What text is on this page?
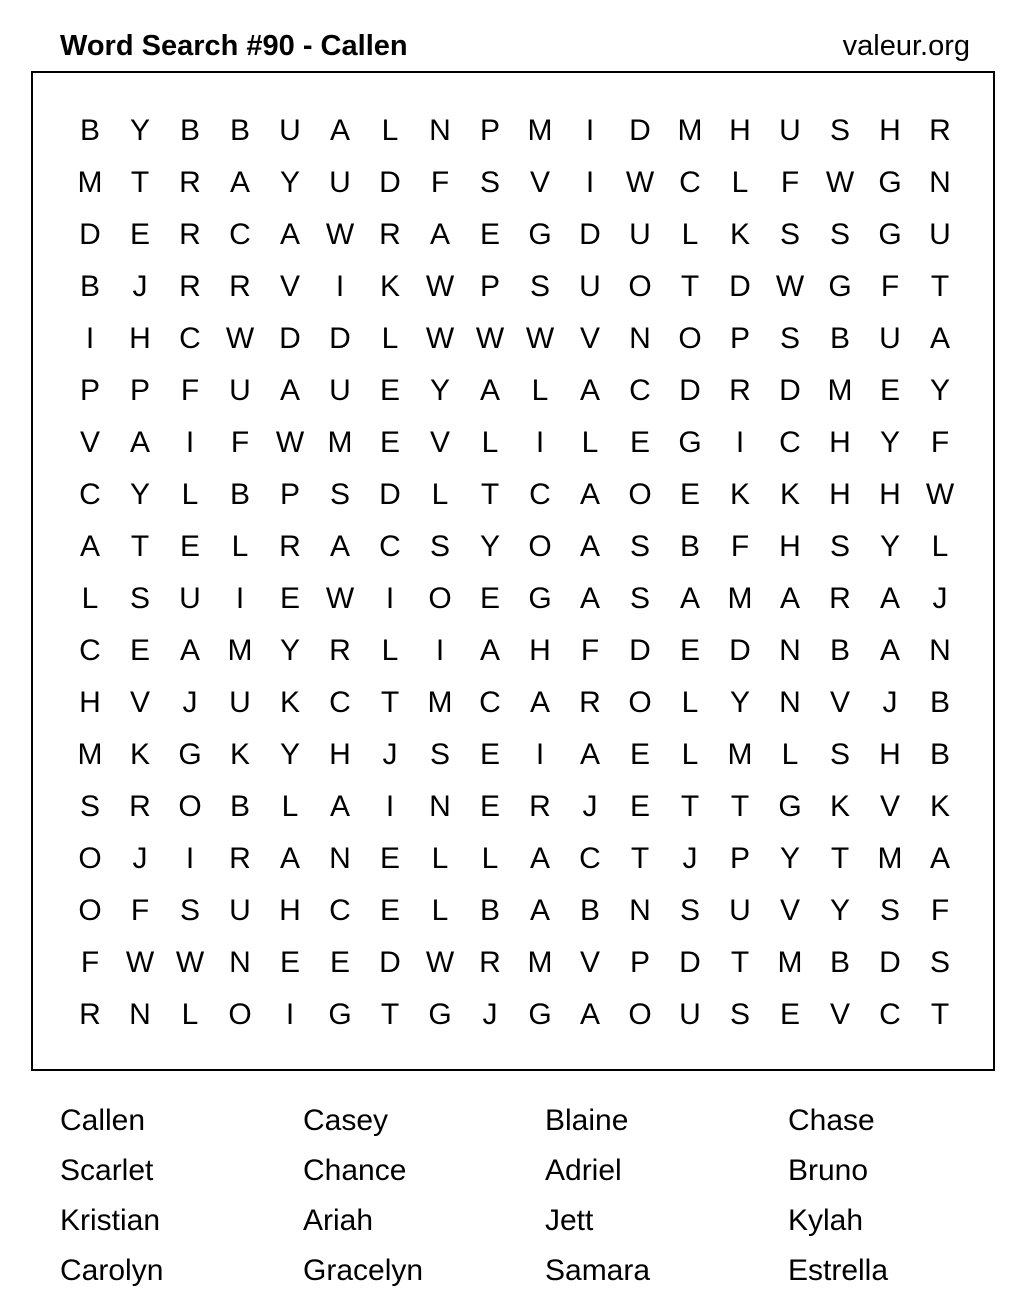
Word Search #90 - Callen	valeur.org
B Y B B U A	L	N P M	I	D M H U S H R
M T	R A Y U D	F	S V	I	W C	L	F W G N
D E R C A W R A E G D U	L	K S S G U
B	J	R R V	I	K W P S U O T	D W G F	T
I	H C W D D	L W W W V N O P S B U A
P P	F	U A U E Y A	L	A C D R D M E Y
V A	I	F W M E V	L	I	L	E G	I	C H Y	F
C Y	L	B P S D	L	T	C A O E K K H H W
A	T	E	L	R A C S Y O A S B	F	H S Y	L
L	S U	I	E W	I	O E G A S A M A R A	J
C E A M Y R	L	I	A H	F	D E D N B A N
H V	J	U K C	T M C A R O L	Y N V	J	B
M K G K Y H	J	S E	I	A E	L M L	S H B
S R O B	L	A	I	N E R	J	E	T	T G K V K
O	J	I	R A N E	L	L	A C	T	J	P Y	T M A
O F	S U H C E	L	B A B N S U V Y S	F
F W W N E E D W R M V P D	T M B D S
R N	L O	I	G T G	J	G A O U S E V C	T
Callen	Casey	Blaine	Chase
Scarlet	Chance	Adriel	Bruno
Kristian	Ariah	Jett	Kylah
Carolyn	Gracelyn	Samara	Estrella
